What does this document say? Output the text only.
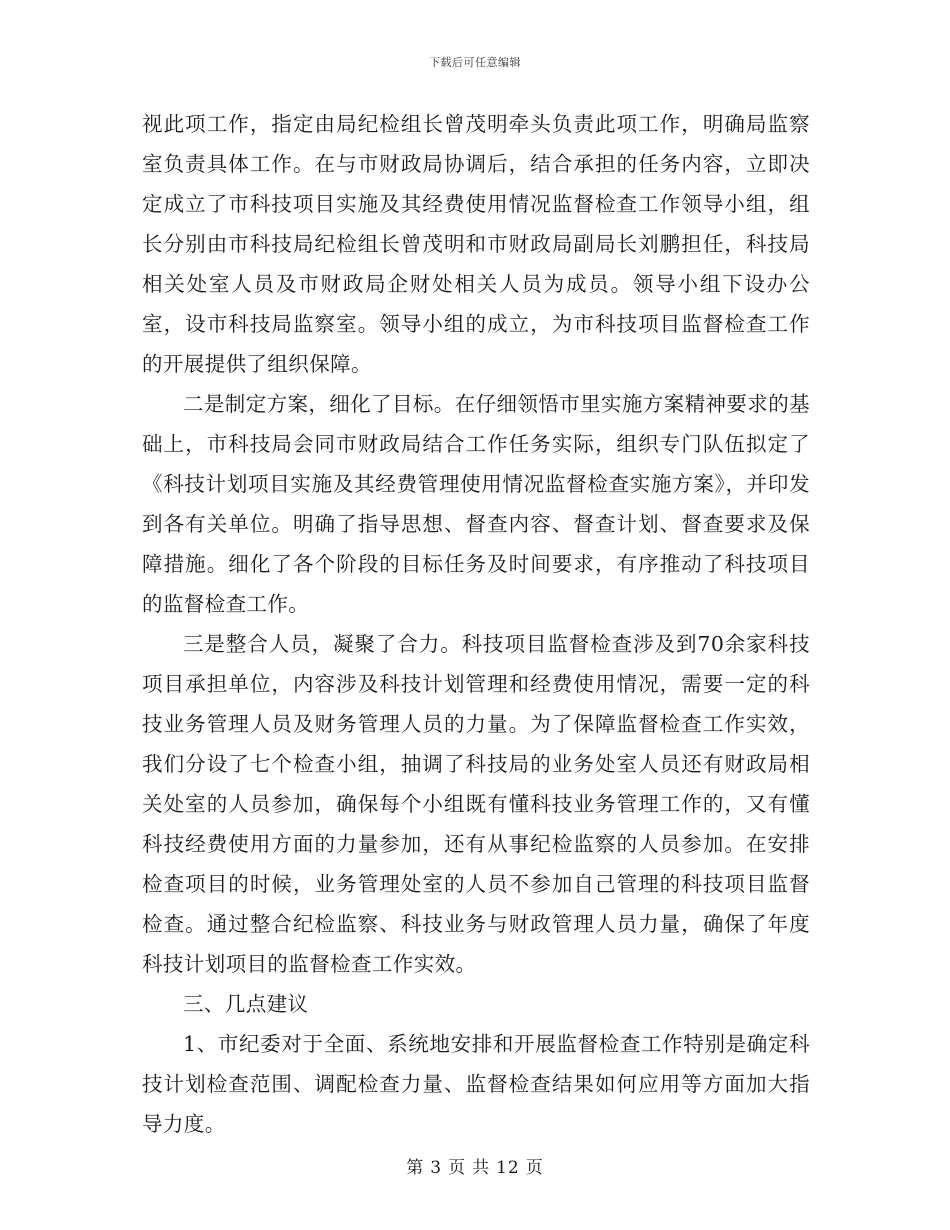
下载后可任意编辑

视此项工作，指定由局纪检组长曾茂明牵头负责此项工作，明确局监察室负责具体工作。在与市财政局协调后，结合承担的任务内容，立即决定成立了市科技项目实施及其经费使用情况监督检查工作领导小组，组长分别由市科技局纪检组长曾茂明和市财政局副局长刘鹏担任，科技局相关处室人员及市财政局企财处相关人员为成员。领导小组下设办公室，设市科技局监察室。领导小组的成立，为市科技项目监督检查工作的开展提供了组织保障。

二是制定方案，细化了目标。在仔细领悟市里实施方案精神要求的基础上，市科技局会同市财政局结合工作任务实际，组织专门队伍拟定了《科技计划项目实施及其经费管理使用情况监督检查实施方案》，并印发到各有关单位。明确了指导思想、督查内容、督查计划、督查要求及保障措施。细化了各个阶段的目标任务及时间要求，有序推动了科技项目的监督检查工作。

三是整合人员，凝聚了合力。科技项目监督检查涉及到70余家科技项目承担单位，内容涉及科技计划管理和经费使用情况，需要一定的科技业务管理人员及财务管理人员的力量。为了保障监督检查工作实效，我们分设了七个检查小组，抽调了科技局的业务处室人员还有财政局相关处室的人员参加，确保每个小组既有懂科技业务管理工作的，又有懂科技经费使用方面的力量参加，还有从事纪检监察的人员参加。在安排检查项目的时候，业务管理处室的人员不参加自己管理的科技项目监督检查。通过整合纪检监察、科技业务与财政管理人员力量，确保了年度科技计划项目的监督检查工作实效。

三、几点建议

1、市纪委对于全面、系统地安排和开展监督检查工作特别是确定科技计划检查范围、调配检查力量、监督检查结果如何应用等方面加大指导力度。

第 3 页 共 12 页
